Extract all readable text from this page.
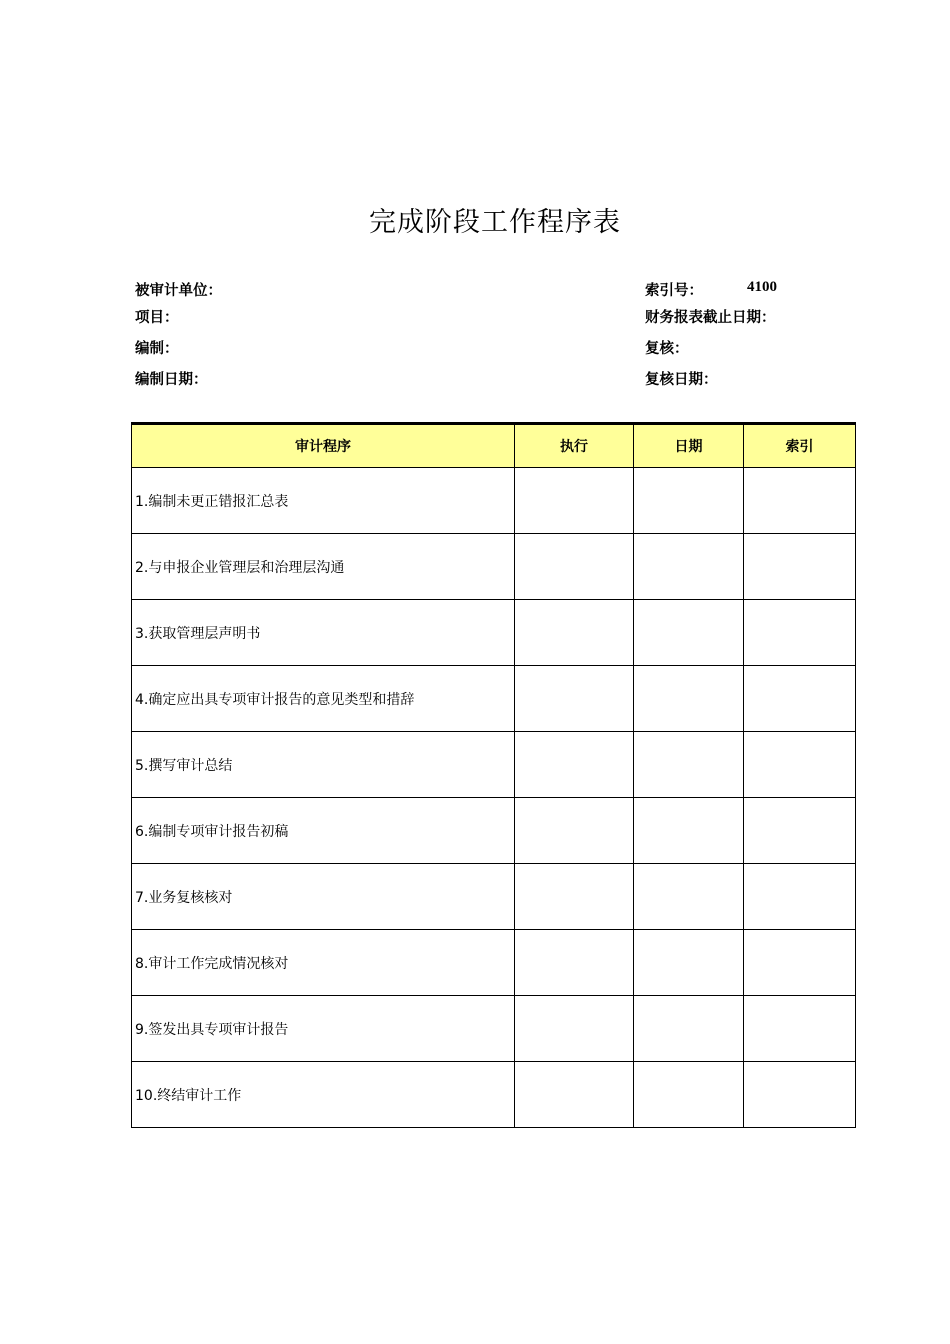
完成阶段工作程序表
被审计单位：
项目：
编制：
编制日期：
索引号：	4100
财务报表截止日期：
复核：
复核日期：
审计程序	执行	日期	索引
1.编制未更正错报汇总表			
2.与申报企业管理层和治理层沟通			
3.获取管理层声明书			
4.确定应出具专项审计报告的意见类型和措辞			
5.撰写审计总结			
6.编制专项审计报告初稿			
7.业务复核核对			
8.审计工作完成情况核对			
9.签发出具专项审计报告			
10.终结审计工作			
